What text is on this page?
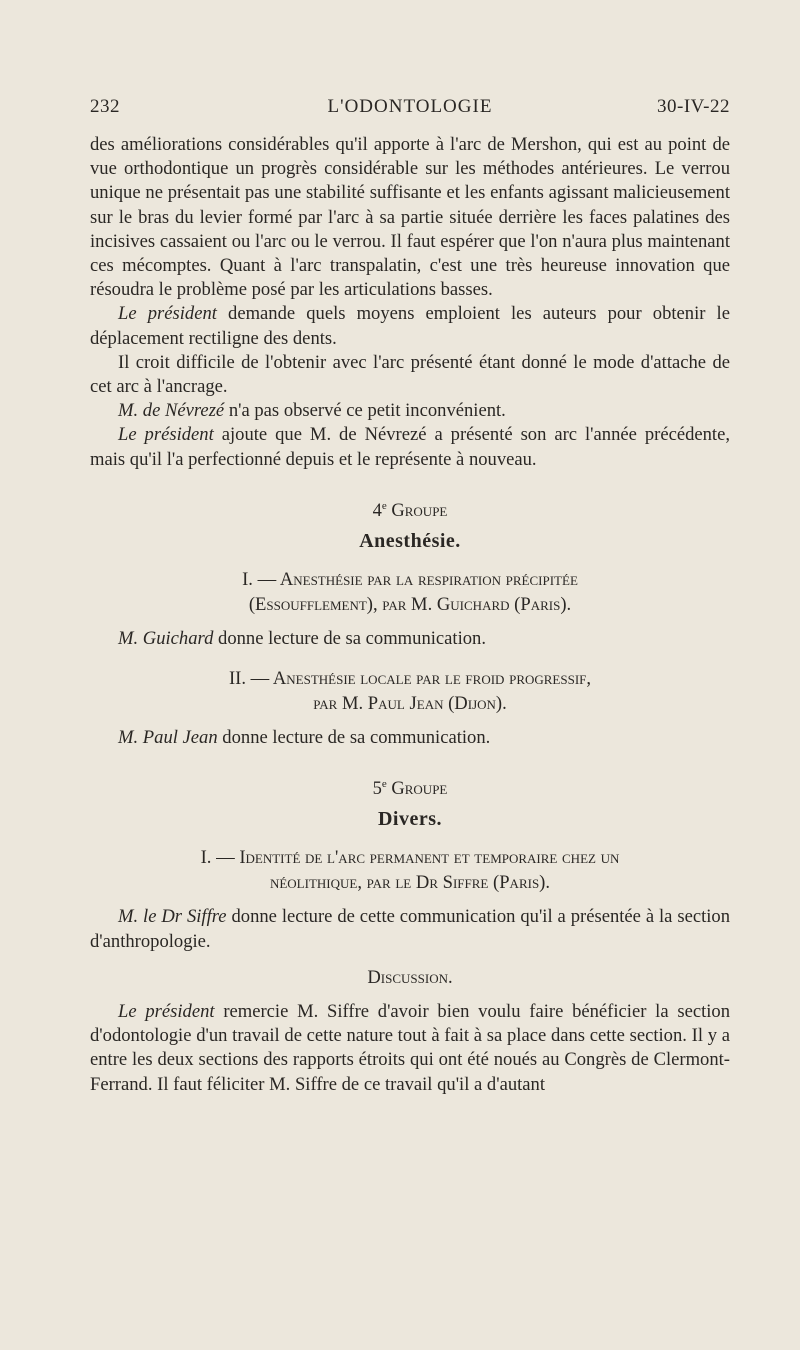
232	L'ODONTOLOGIE	30-IV-22

des améliorations considérables qu'il apporte à l'arc de Mershon, qui est au point de vue orthodontique un progrès considérable sur les méthodes antérieures. Le verrou unique ne présentait pas une stabilité suffisante et les enfants agissant malicieusement sur le bras du levier formé par l'arc à sa partie située derrière les faces palatines des incisives cassaient ou l'arc ou le verrou. Il faut espérer que l'on n'aura plus maintenant ces mécomptes. Quant à l'arc transpalatin, c'est une très heureuse innovation que résoudra le problème posé par les articulations basses.

Le président demande quels moyens emploient les auteurs pour obtenir le déplacement rectiligne des dents.

Il croit difficile de l'obtenir avec l'arc présenté étant donné le mode d'attache de cet arc à l'ancrage.

M. de Névrezé n'a pas observé ce petit inconvénient.

Le président ajoute que M. de Névrezé a présenté son arc l'année précédente, mais qu'il l'a perfectionné depuis et le représente à nouveau.

4e Groupe
Anesthésie.
I. — Anesthésie par la respiration précipitée
(Essoufflement), par M. Guichard (Paris).

M. Guichard donne lecture de sa communication.

II. — Anesthésie locale par le froid progressif,
par M. Paul Jean (Dijon).

M. Paul Jean donne lecture de sa communication.

5e Groupe
Divers.
I. — Identité de l'arc permanent et temporaire chez un
néolithique, par le Dr Siffre (Paris).

M. le Dr Siffre donne lecture de cette communication qu'il a présentée à la section d'anthropologie.

Discussion.

Le président remercie M. Siffre d'avoir bien voulu faire bénéficier la section d'odontologie d'un travail de cette nature tout à fait à sa place dans cette section. Il y a entre les deux sections des rapports étroits qui ont été noués au Congrès de Clermont-Ferrand. Il faut féliciter M. Siffre de ce travail qu'il a d'autant
